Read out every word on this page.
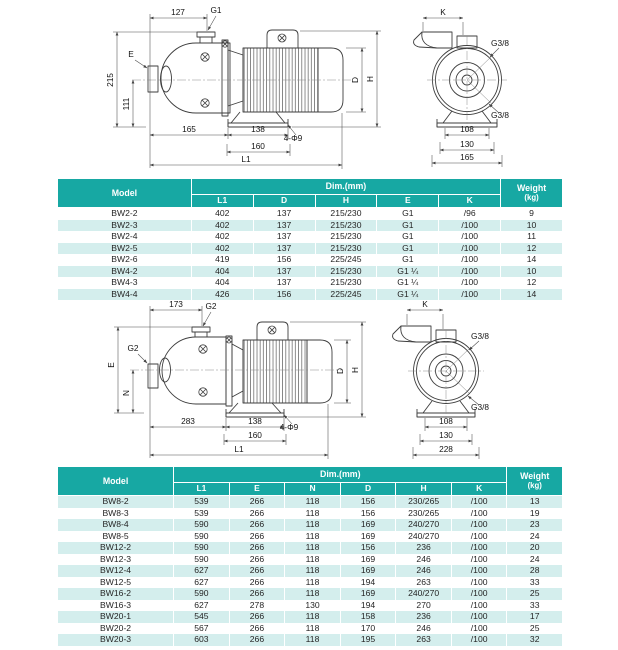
127	G1
215
111
E
165	138
160
L1
4-Φ9
D H
K
G3/8
G3/8
108
130
165
Model	Dim.(mm)					Weight
(kg)

	L1	D	H	E	K	
BW2-2	402	137	215/230	G1	/96	9
BW2-3	402	137	215/230	G1	/100	10
BW2-4	402	137	215/230	G1	/100	11
BW2-5	402	137	215/230	G1	/100	12
BW2-6	419	156	225/245	G1	/100	14
BW4-2	404	137	215/230	G1 ¼	/100	10
BW4-3	404	137	215/230	G1 ¼	/100	12
BW4-4	426	156	225/245	G1 ¼	/100	14
173	G2
E
G2
N
283	138
160
L1
4-Φ9
D H
K
G3/8
G3/8
108
130
228
Model	Dim.(mm)						Weight
(kg)

	L1	E	N	D	H	K	
BW8-2	539	266	118	156	230/265	/100	13
BW8-3	539	266	118	156	230/265	/100	19
BW8-4	590	266	118	169	240/270	/100	23
BW8-5	590	266	118	169	240/270	/100	24
BW12-2	590	266	118	156	236	/100	20
BW12-3	590	266	118	169	246	/100	24
BW12-4	627	266	118	169	246	/100	28
BW12-5	627	266	118	194	263	/100	33
BW16-2	590	266	118	169	240/270	/100	25
BW16-3	627	278	130	194	270	/100	33
BW20-1	545	266	118	158	236	/100	17
BW20-2	567	266	118	170	246	/100	25
BW20-3	603	266	118	195	263	/100	32
